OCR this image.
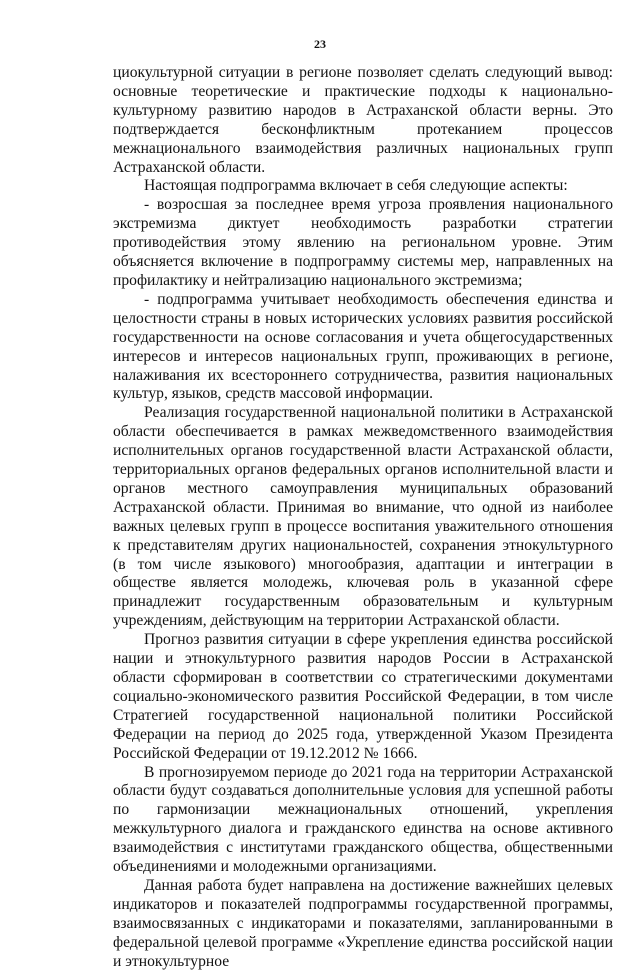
23

циокультурной ситуации в регионе позволяет сделать следующий вывод: основные теоретические и практические подходы к национально-культурному развитию народов в Астраханской области верны. Это подтверждается бесконфликтным протеканием процессов межнационального взаимодействия различных национальных групп Астраханской области.

Настоящая подпрограмма включает в себя следующие аспекты:

- возросшая за последнее время угроза проявления национального экстремизма диктует необходимость разработки стратегии противодействия этому явлению на региональном уровне. Этим объясняется включение в подпрограмму системы мер, направленных на профилактику и нейтрализацию национального экстремизма;

- подпрограмма учитывает необходимость обеспечения единства и целостности страны в новых исторических условиях развития российской государственности на основе согласования и учета общегосударственных интересов и интересов национальных групп, проживающих в регионе, налаживания их всестороннего сотрудничества, развития национальных культур, языков, средств массовой информации.

Реализация государственной национальной политики в Астраханской области обеспечивается в рамках межведомственного взаимодействия исполнительных органов государственной власти Астраханской области, территориальных органов федеральных органов исполнительной власти и органов местного самоуправления муниципальных образований Астраханской области. Принимая во внимание, что одной из наиболее важных целевых групп в процессе воспитания уважительного отношения к представителям других национальностей, сохранения этнокультурного (в том числе языкового) многообразия, адаптации и интеграции в обществе является молодежь, ключевая роль в указанной сфере принадлежит государственным образовательным и культурным учреждениям, действующим на территории Астраханской области.

Прогноз развития ситуации в сфере укрепления единства российской нации и этнокультурного развития народов России в Астраханской области сформирован в соответствии со стратегическими документами социально-экономического развития Российской Федерации, в том числе Стратегией государственной национальной политики Российской Федерации на период до 2025 года, утвержденной Указом Президента Российской Федерации от 19.12.2012 № 1666.

В прогнозируемом периоде до 2021 года на территории Астраханской области будут создаваться дополнительные условия для успешной работы по гармонизации межнациональных отношений, укрепления межкультурного диалога и гражданского единства на основе активного взаимодействия с институтами гражданского общества, общественными объединениями и молодежными организациями.

Данная работа будет направлена на достижение важнейших целевых индикаторов и показателей подпрограммы государственной программы, взаимосвязанных с индикаторами и показателями, запланированными в федеральной целевой программе «Укрепление единства российской нации и этнокультурное
